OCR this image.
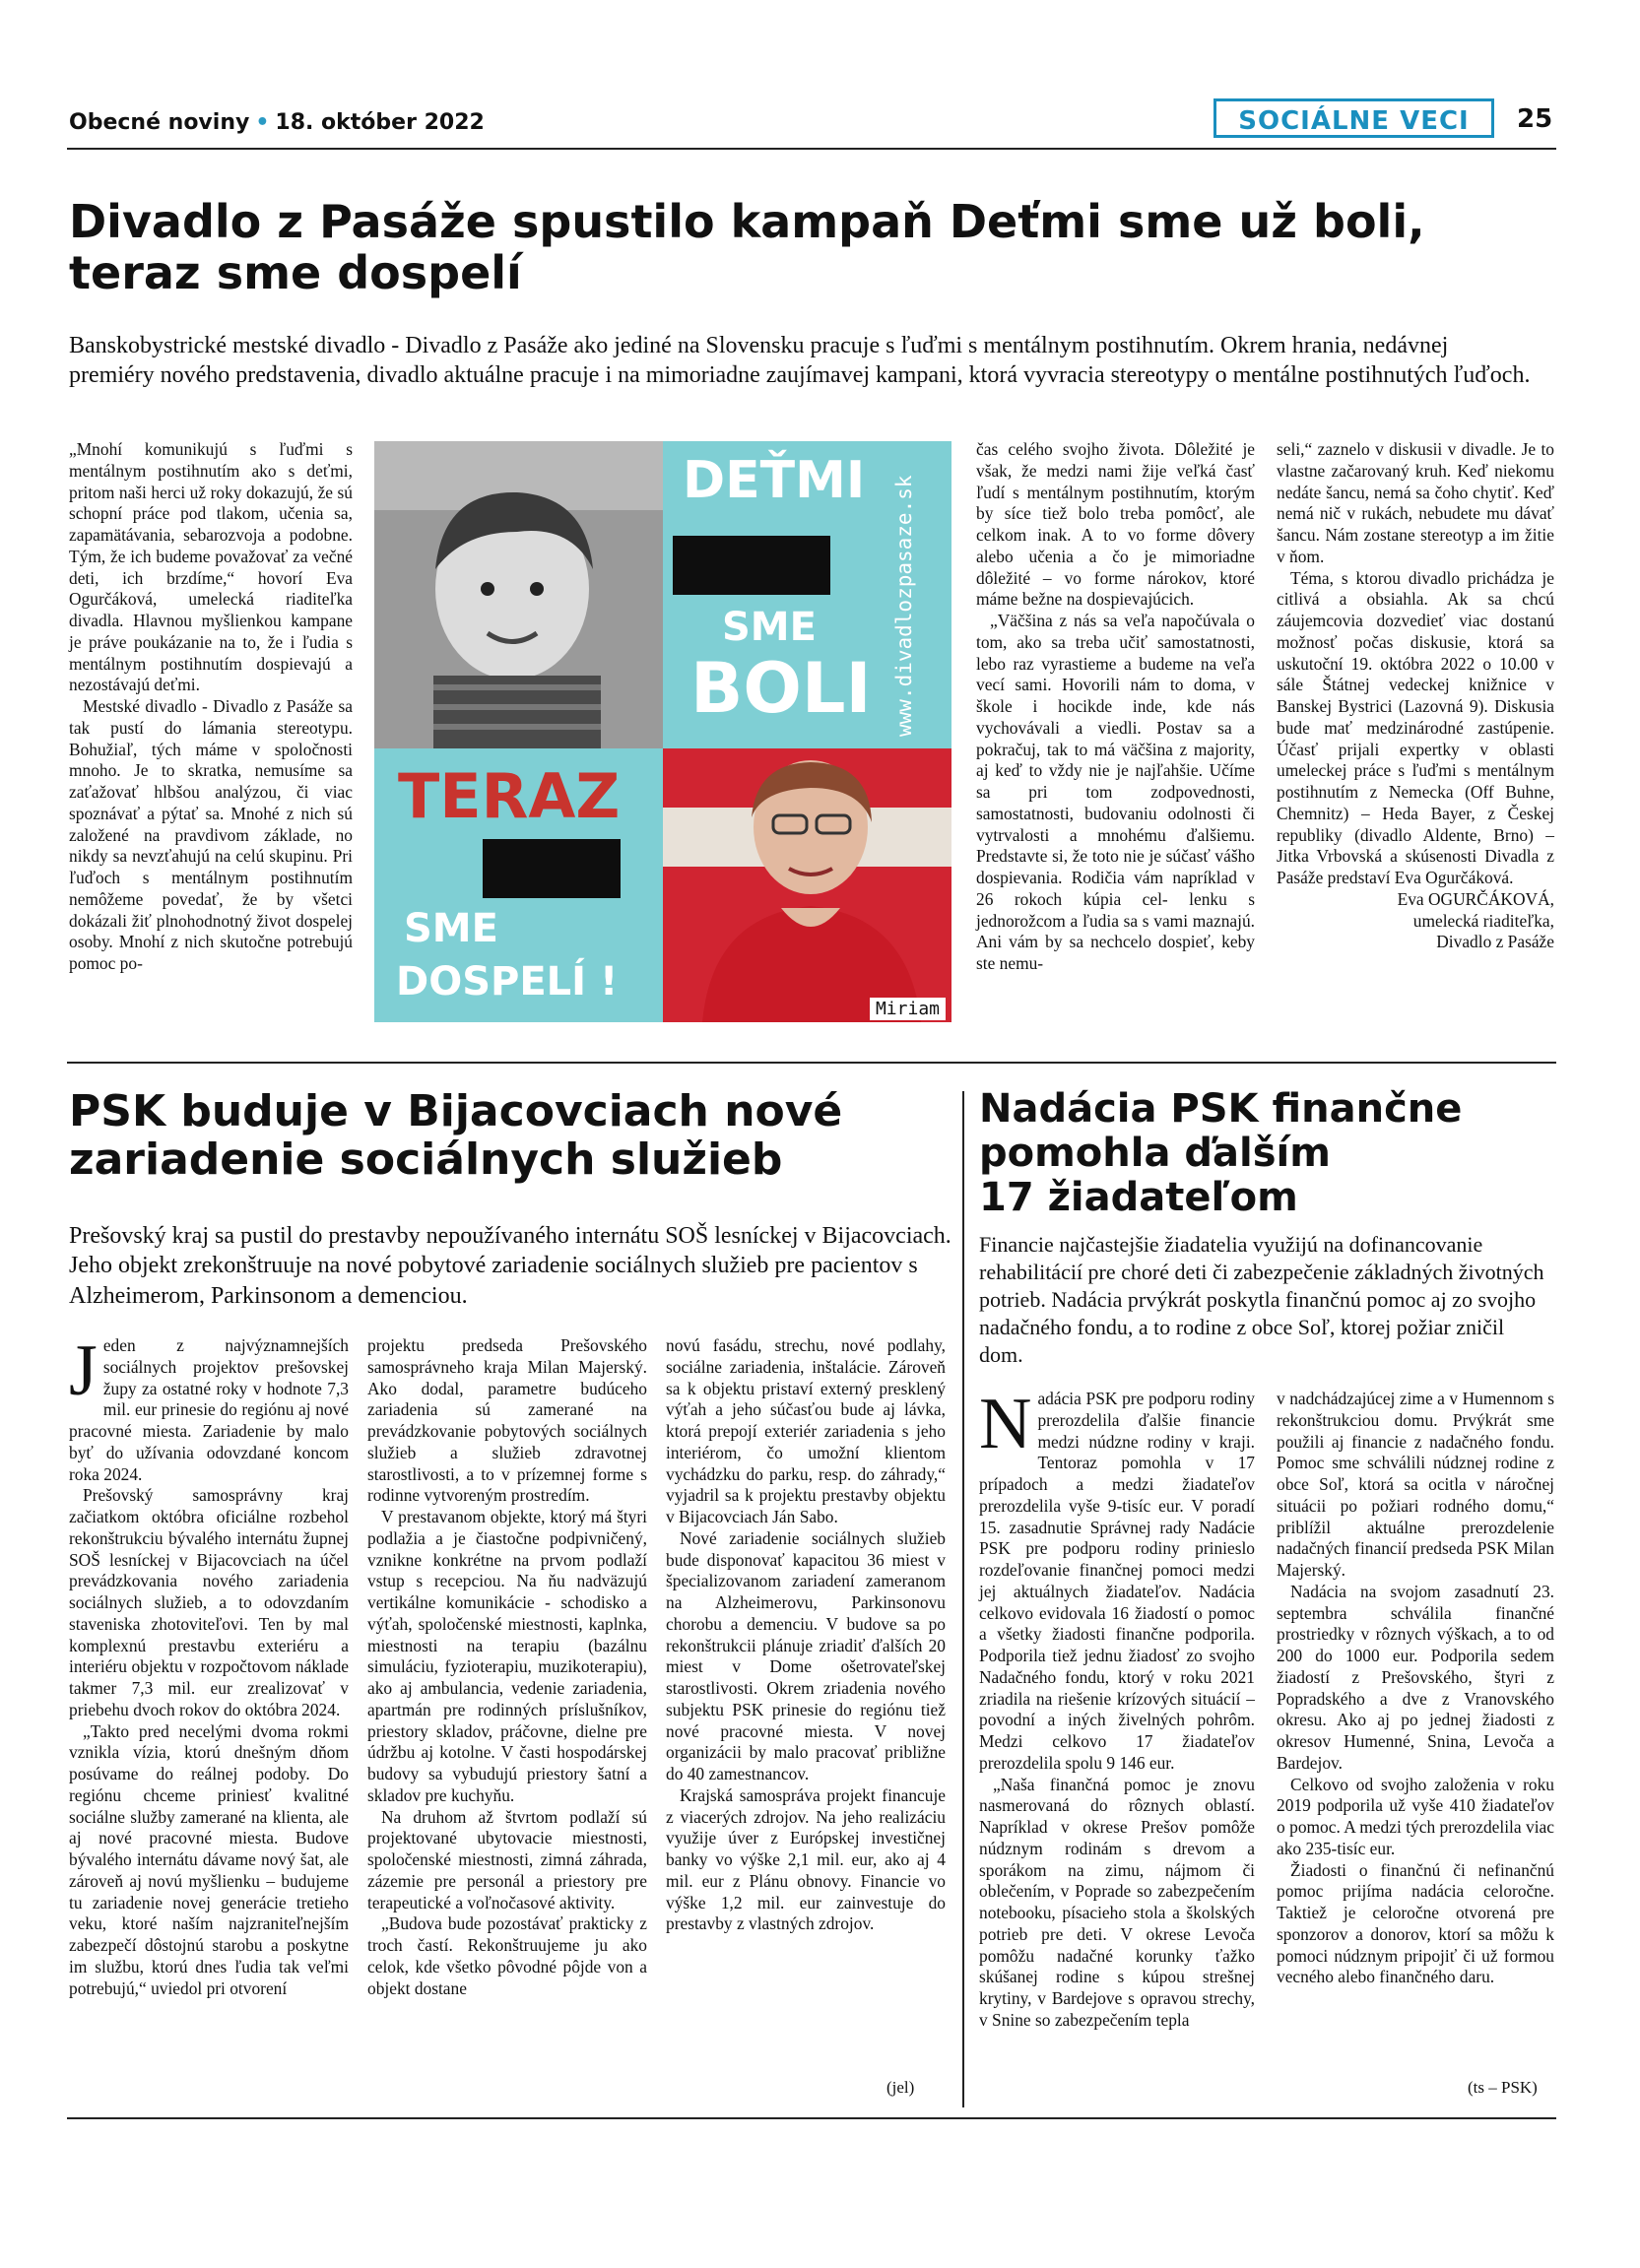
Obecné noviny • 18. október 2022	SOCIÁLNE VECI	25
Divadlo z Pasáže spustilo kampaň Deťmi sme už boli,
teraz sme dospelí
Banskobystrické mestské divadlo - Divadlo z Pasáže ako jediné na Slovensku pracuje s ľuďmi s mentálnym postihnutím. Okrem hrania, nedávnej premiéry nového predstavenia, divadlo aktuálne pracuje i na mimoriadne zaujímavej kampani, ktorá vyvracia stereotypy o mentálne postihnutých ľuďoch.

„Mnohí komunikujú s ľuďmi s mentálnym postihnutím ako s deťmi, pritom naši herci už roky dokazujú, že sú schopní práce pod tlakom, učenia sa, zapamätávania, sebarozvoja a podobne. Tým, že ich budeme považovať za večné deti, ich brzdíme,“ hovorí Eva Ogurčáková, umelecká riaditeľka divadla. Hlavnou myšlienkou kampane je práve poukázanie na to, že i ľudia s mentálnym postihnutím dospievajú a nezostávajú deťmi.

Mestské divadlo - Divadlo z Pasáže sa tak pustí do lámania stereotypu. Bohužiaľ, tých máme v spoločnosti mnoho. Je to skratka, nemusíme sa zaťažovať hlbšou analýzou, či viac spoznávať a pýtať sa. Mnohé z nich sú založené na pravdivom základe, no nikdy sa nevzťahujú na celú skupinu. Pri ľuďoch s mentálnym postihnutím nemôžeme povedať, že by všetci dokázali žiť plnohodnotný život dospelej osoby. Mnohí z nich skutočne potrebujú pomoc po-

DEŤMI
SME
BOLI www.divadlozpasaze.sk
TERAZ
SME
DOSPELÍ !
Miriam

čas celého svojho života. Dôležité je však, že medzi nami žije veľká časť ľudí s mentálnym postihnutím, ktorým by síce tiež bolo treba pomôcť, ale celkom inak. A to vo forme dôvery alebo učenia a čo je mimoriadne dôležité – vo forme nárokov, ktoré máme bežne na dospievajúcich.

„Väčšina z nás sa veľa napočúvala o tom, ako sa treba učiť samostatnosti, lebo raz vyrastieme a budeme na veľa vecí sami. Hovorili nám to doma, v škole i hocikde inde, kde nás vychovávali a viedli. Postav sa a pokračuj, tak to má väčšina z majority, aj keď to vždy nie je najľahšie. Učíme sa pri tom zodpovednosti, samostatnosti, budovaniu odolnosti či vytrvalosti a mnohému ďalšiemu. Predstavte si, že toto nie je súčasť vášho dospievania. Rodičia vám napríklad v 26 rokoch kúpia cel- lenku s jednorožcom a ľudia sa s vami maznajú. Ani vám by sa nechcelo dospieť, keby ste nemu-

seli,“ zaznelo v diskusii v divadle. Je to vlastne začarovaný kruh. Keď niekomu nedáte šancu, nemá sa čoho chytiť. Keď nemá nič v rukách, nebudete mu dávať šancu. Nám zostane stereotyp a im žitie v ňom.

Téma, s ktorou divadlo prichádza je citlivá a obsiahla. Ak sa chcú záujemcovia dozvedieť viac dostanú možnosť počas diskusie, ktorá sa uskutoční 19. októbra 2022 o 10.00 v sále Štátnej vedeckej knižnice v Banskej Bystrici (Lazovná 9). Diskusia bude mať medzinárodné zastúpenie. Účasť prijali expertky v oblasti umeleckej práce s ľuďmi s mentálnym postihnutím z Nemecka (Off Buhne, Chemnitz) – Heda Bayer, z Českej republiky (divadlo Aldente, Brno) – Jitka Vrbovská a skúsenosti Divadla z Pasáže predstaví Eva Ogurčáková.

Eva OGURČÁKOVÁ,
umelecká riaditeľka,
Divadlo z Pasáže
PSK buduje v Bijacovciach nové
zariadenie sociálnych služieb
Prešovský kraj sa pustil do prestavby nepoužívaného internátu SOŠ lesníckej v Bijacovciach. Jeho objekt zrekonštruuje na nové pobytové zariadenie sociálnych služieb pre pacientov s Alzheimerom, Parkinsonom a demenciou.

Jeden z najvýznamnejších sociálnych projektov prešovskej župy za ostatné roky v hodnote 7,3 mil. eur prinesie do regiónu aj nové pracovné miesta. Zariadenie by malo byť do užívania odovzdané koncom roka 2024.

Prešovský samosprávny kraj začiatkom októbra oficiálne rozbehol rekonštrukciu bývalého internátu župnej SOŠ lesníckej v Bijacovciach na účel prevádzkovania nového zariadenia sociálnych služieb, a to odovzdaním staveniska zhotoviteľovi. Ten by mal komplexnú prestavbu exteriéru a interiéru objektu v rozpočtovom náklade takmer 7,3 mil. eur zrealizovať v priebehu dvoch rokov do októbra 2024.

„Takto pred necelými dvoma rokmi vznikla vízia, ktorú dnešným dňom posúvame do reálnej podoby. Do regiónu chceme priniesť kvalitné sociálne služby zamerané na klienta, ale aj nové pracovné miesta. Budove bývalého internátu dávame nový šat, ale zároveň aj novú myšlienku – budujeme tu zariadenie novej generácie tretieho veku, ktoré naším najzraniteľnejším zabezpečí dôstojnú starobu a poskytne im službu, ktorú dnes ľudia tak veľmi potrebujú,“ uviedol pri otvorení

projektu predseda Prešovského samosprávneho kraja Milan Majerský. Ako dodal, parametre budúceho zariadenia sú zamerané na prevádzkovanie pobytových sociálnych služieb a služieb zdravotnej starostlivosti, a to v prízemnej forme s rodinne vytvoreným prostredím.

V prestavanom objekte, ktorý má štyri podlažia a je čiastočne podpivničený, vznikne konkrétne na prvom podlaží vstup s recepciou. Na ňu nadväzujú vertikálne komunikácie - schodisko a výťah, spoločenské miestnosti, kaplnka, miestnosti na terapiu (bazálnu simuláciu, fyzioterapiu, muzikoterapiu), ako aj ambulancia, vedenie zariadenia, apartmán pre rodinných príslušníkov, priestory skladov, práčovne, dielne pre údržbu aj kotolne. V časti hospodárskej budovy sa vybudujú priestory šatní a skladov pre kuchyňu.

Na druhom až štvrtom podlaží sú projektované ubytovacie miestnosti, spoločenské miestnosti, zimná záhrada, zázemie pre personál a priestory pre terapeutické a voľnočasové aktivity.

„Budova bude pozostávať prakticky z troch častí. Rekonštruujeme ju ako celok, kde všetko pôvodné pôjde von a objekt dostane

novú fasádu, strechu, nové podlahy, sociálne zariadenia, inštalácie. Zároveň sa k objektu pristaví externý presklený výťah a jeho súčasťou bude aj lávka, ktorá prepojí exteriér zariadenia s jeho interiérom, čo umožní klientom vychádzku do parku, resp. do záhrady,“ vyjadril sa k projektu prestavby objektu v Bijacovciach Ján Sabo.

Nové zariadenie sociálnych služieb bude disponovať kapacitou 36 miest v špecializovanom zariadení zameranom na Alzheimerovu, Parkinsonovu chorobu a demenciu. V budove sa po rekonštrukcii plánuje zriadiť ďalších 20 miest v Dome ošetrovateľskej starostlivosti. Okrem zriadenia nového subjektu PSK prinesie do regiónu tiež nové pracovné miesta. V novej organizácii by malo pracovať približne do 40 zamestnancov.

Krajská samospráva projekt financuje z viacerých zdrojov. Na jeho realizáciu využije úver z Európskej investičnej banky vo výške 2,1 mil. eur, ako aj 4 mil. eur z Plánu obnovy. Financie vo výške 1,2 mil. eur zainvestuje do prestavby z vlastných zdrojov.

(jel)
Nadácia PSK finančne
pomohla ďalším
17 žiadateľom
Financie najčastejšie žiadatelia využijú na dofinancovanie rehabilitácií pre choré deti či zabezpečenie základných životných potrieb. Nadácia prvýkrát poskytla finančnú pomoc aj zo svojho nadačného fondu, a to rodine z obce Soľ, ktorej požiar zničil dom.

Nadácia PSK pre podporu rodiny prerozdelila ďalšie financie medzi núdzne rodiny v kraji. Tentoraz pomohla v 17 prípadoch a medzi žiadateľov prerozdelila vyše 9-tisíc eur. V poradí 15. zasadnutie Správnej rady Nadácie PSK pre podporu rodiny prinieslo rozdeľovanie finančnej pomoci medzi jej aktuálnych žiadateľov. Nadácia celkovo evidovala 16 žiadostí o pomoc a všetky žiadosti finančne podporila. Podporila tiež jednu žiadosť zo svojho Nadačného fondu, ktorý v roku 2021 zriadila na riešenie krízových situácií – povodní a iných živelných pohrôm. Medzi celkovo 17 žiadateľov prerozdelila spolu 9 146 eur.

„Naša finančná pomoc je znovu nasmerovaná do rôznych oblastí. Napríklad v okrese Prešov pomôže núdznym rodinám s drevom a sporákom na zimu, nájmom či oblečením, v Poprade so zabezpečením notebooku, písacieho stola a školských potrieb pre deti. V okrese Levoča pomôžu nadačné korunky ťažko skúšanej rodine s kúpou strešnej krytiny, v Bardejove s opravou strechy, v Snine so zabezpečením tepla

v nadchádzajúcej zime a v Humennom s rekonštrukciou domu. Prvýkrát sme použili aj financie z nadačného fondu. Pomoc sme schválili núdznej rodine z obce Soľ, ktorá sa ocitla v náročnej situácii po požiari rodného domu,“ priblížil aktuálne prerozdelenie nadačných financií predseda PSK Milan Majerský.

Nadácia na svojom zasadnutí 23. septembra schválila finančné prostriedky v rôznych výškach, a to od 200 do 1000 eur. Podporila sedem žiadostí z Prešovského, štyri z Popradského a dve z Vranovského okresu. Ako aj po jednej žiadosti z okresov Humenné, Snina, Levoča a Bardejov.

Celkovo od svojho založenia v roku 2019 podporila už vyše 410 žiadateľov o pomoc. A medzi tých prerozdelila viac ako 235-tisíc eur.

Žiadosti o finančnú či nefinančnú pomoc prijíma nadácia celoročne. Taktiež je celoročne otvorená pre sponzorov a donorov, ktorí sa môžu k pomoci núdznym pripojiť či už formou vecného alebo finančného daru.

(ts – PSK)
